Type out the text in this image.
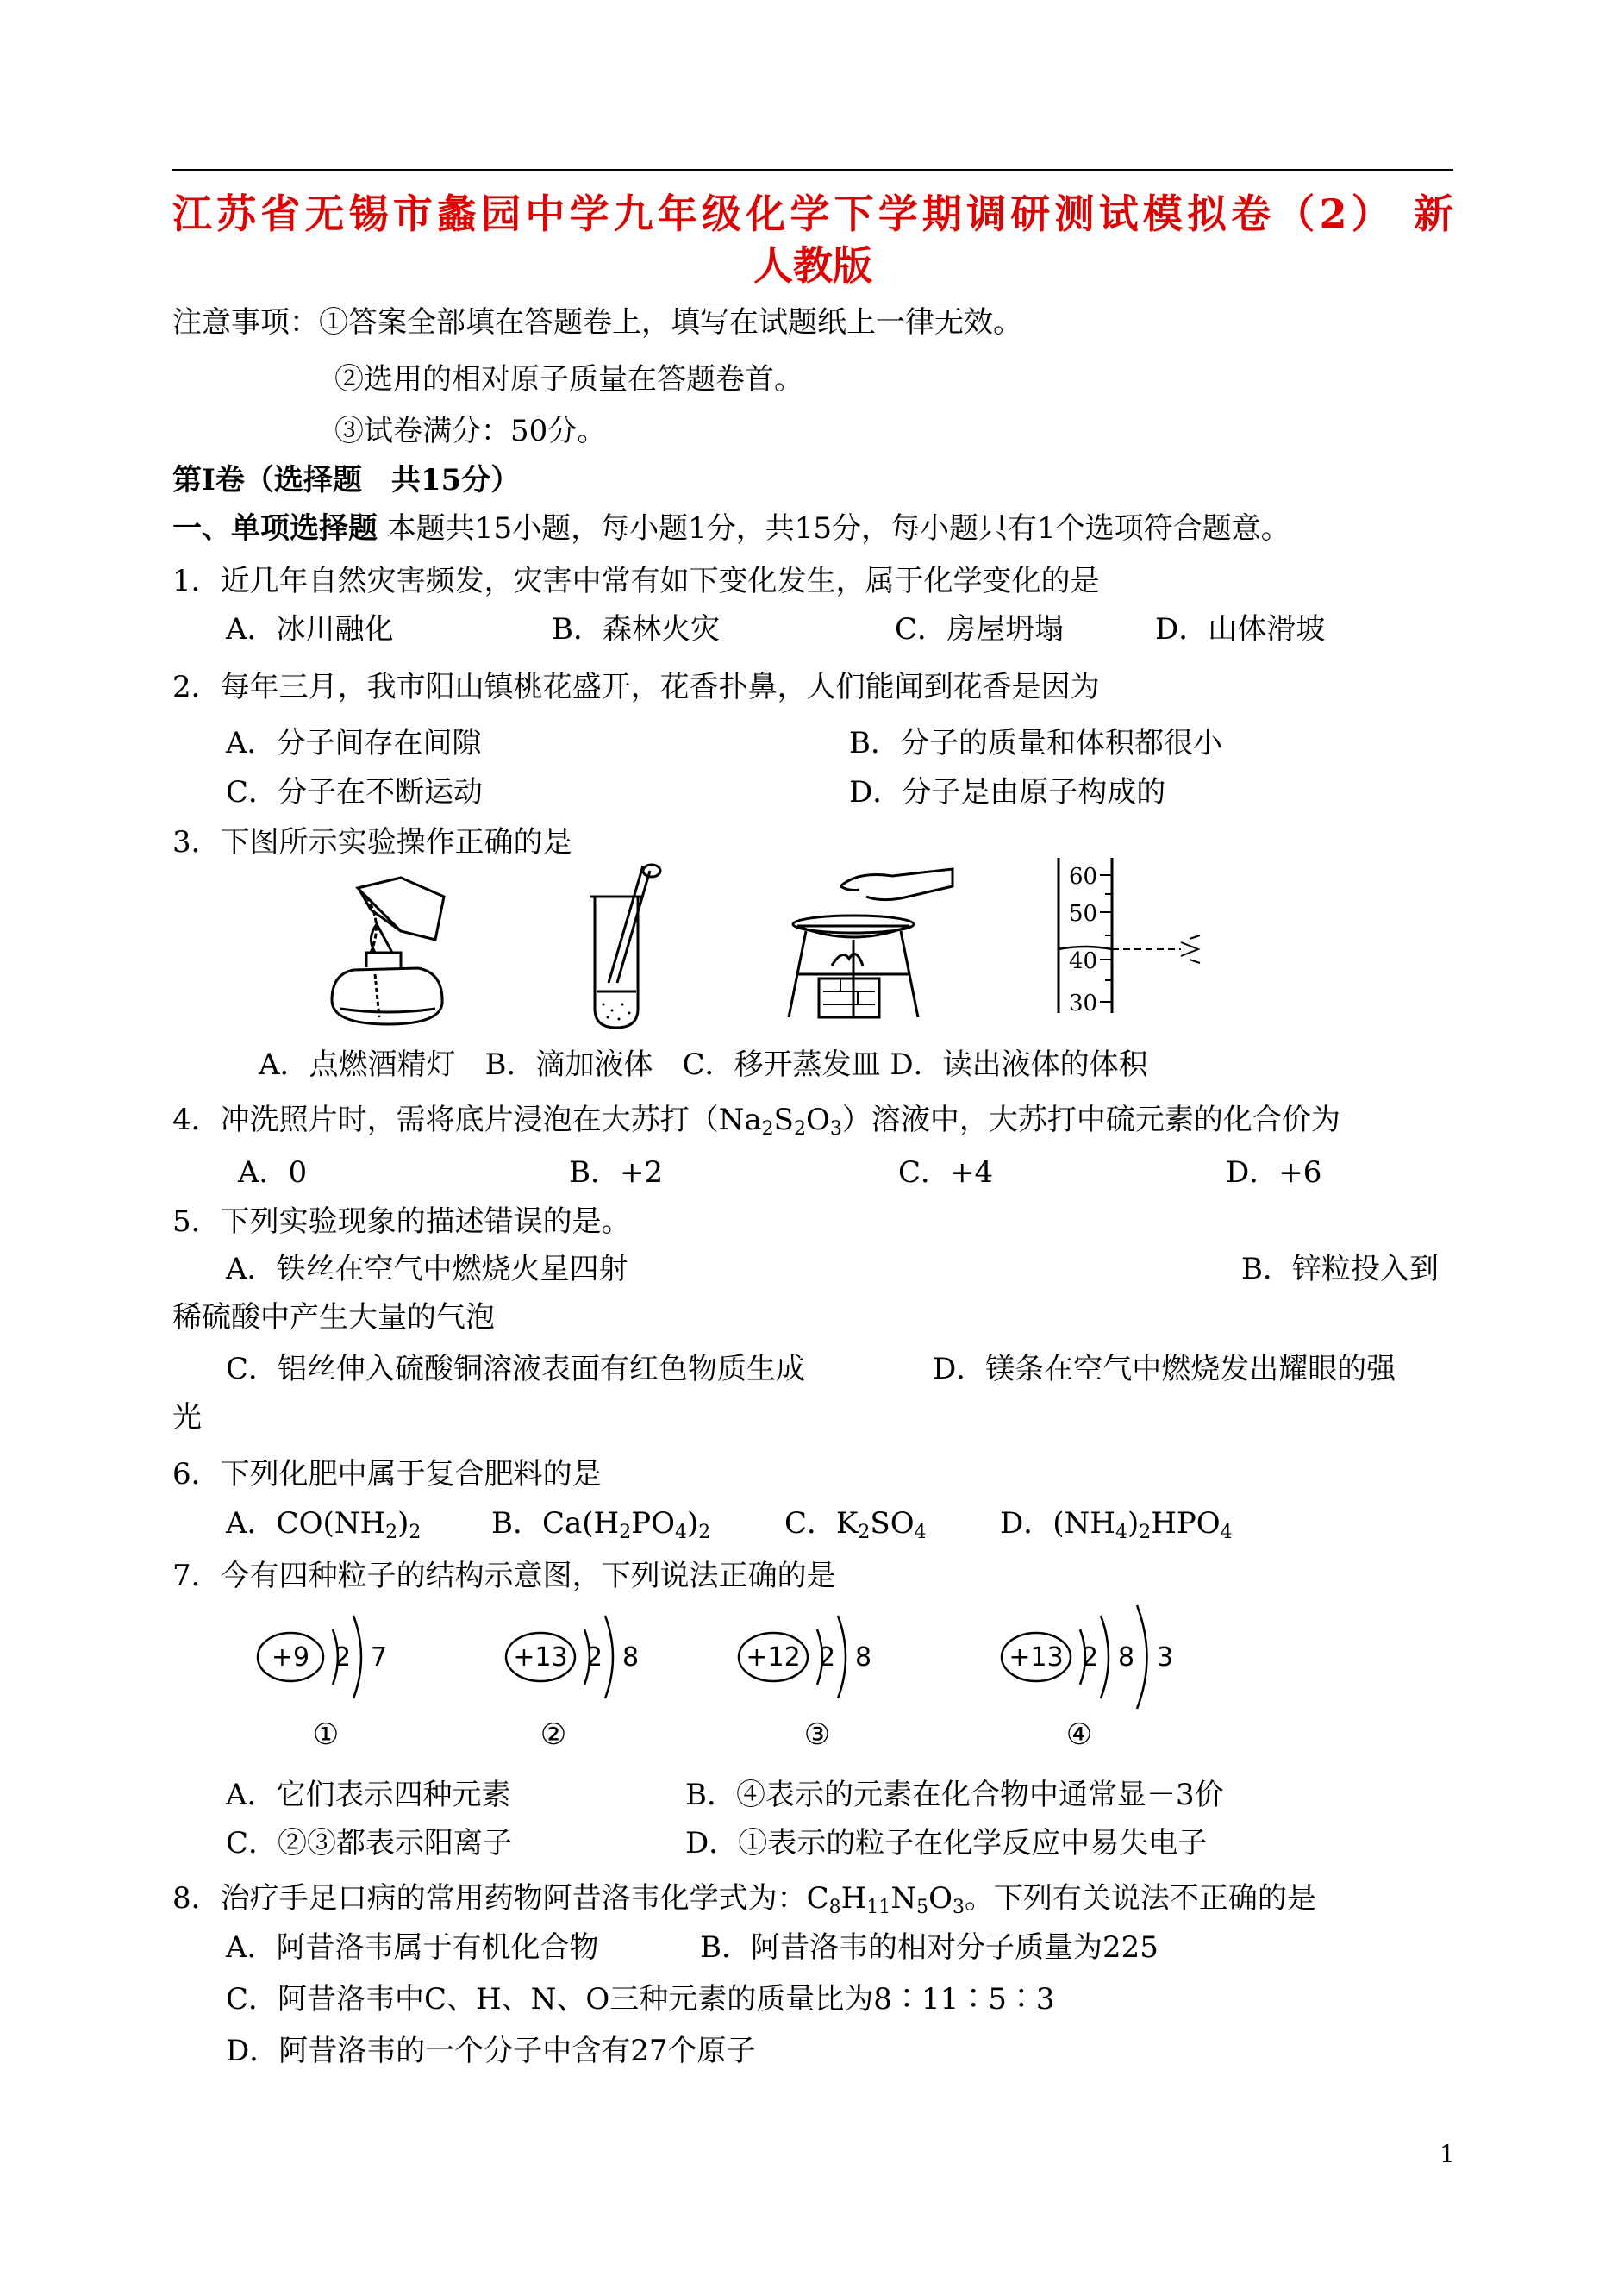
江苏省无锡市蠡园中学九年级化学下学期调研测试模拟卷（2） 新
人教版
注意事项：①答案全部填在答题卷上，填写在试题纸上一律无效。
②选用的相对原子质量在答题卷首。
③试卷满分：50分。
第Ⅰ卷（选择题　共15分）
一、单项选择题 本题共15小题，每小题1分，共15分，每小题只有1个选项符合题意。
1．近几年自然灾害频发，灾害中常有如下变化发生，属于化学变化的是
A．冰川融化	B．森林火灾	C．房屋坍塌	D．山体滑坡
2．每年三月，我市阳山镇桃花盛开，花香扑鼻，人们能闻到花香是因为
A．分子间存在间隙	B．分子的质量和体积都很小
C．分子在不断运动	D．分子是由原子构成的
3．下图所示实验操作正确的是
60
50
40
30
A．点燃酒精灯　B．滴加液体　C．移开蒸发皿 D．读出液体的体积
4．冲洗照片时，需将底片浸泡在大苏打$(Na_2S_2O_3)$溶液中，大苏打中硫元素的化合价为
A．0	B．+2	C．+4	D．+6
5．下列实验现象的描述错误的是。
A．铁丝在空气中燃烧火星四射	B．锌粒投入到
稀硫酸中产生大量的气泡
C．铝丝伸入硫酸铜溶液表面有红色物质生成	D．镁条在空气中燃烧发出耀眼的强
光
6．下列化肥中属于复合肥料的是
A．$CO(NH_2)_2$ B．$Ca(H_2PO_4)_2$	C．$K_2SO_4$	D．$(NH_4)_2HPO_4$
7．今有四种粒子的结构示意图，下列说法正确的是
+9 2 7
①
+13 2 8
②
+12 2 8
③
+13 2 8 3
④
A．它们表示四种元素	B．④表示的元素在化合物中通常显－3价
C．②③都表示阳离子	D．①表示的粒子在化学反应中易失电子
8．治疗手足口病的常用药物阿昔洛韦化学式为：$C_8H_{11}N_5O_3$。下列有关说法不正确的是
A．阿昔洛韦属于有机化合物	B．阿昔洛韦的相对分子质量为225
C．阿昔洛韦中C、H、N、O三种元素的质量比为8∶11∶5∶3
D．阿昔洛韦的一个分子中含有27个原子
1
